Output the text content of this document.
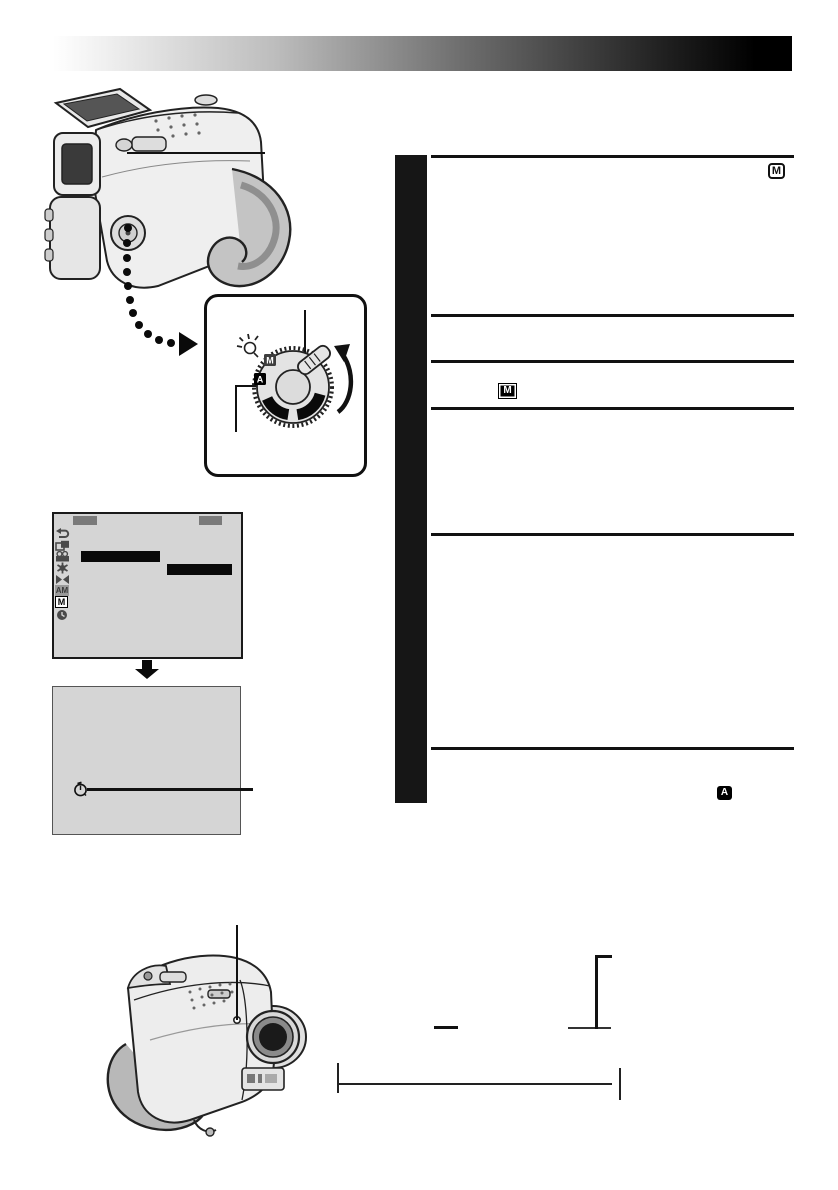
M
A
AM
M
M
M
A
